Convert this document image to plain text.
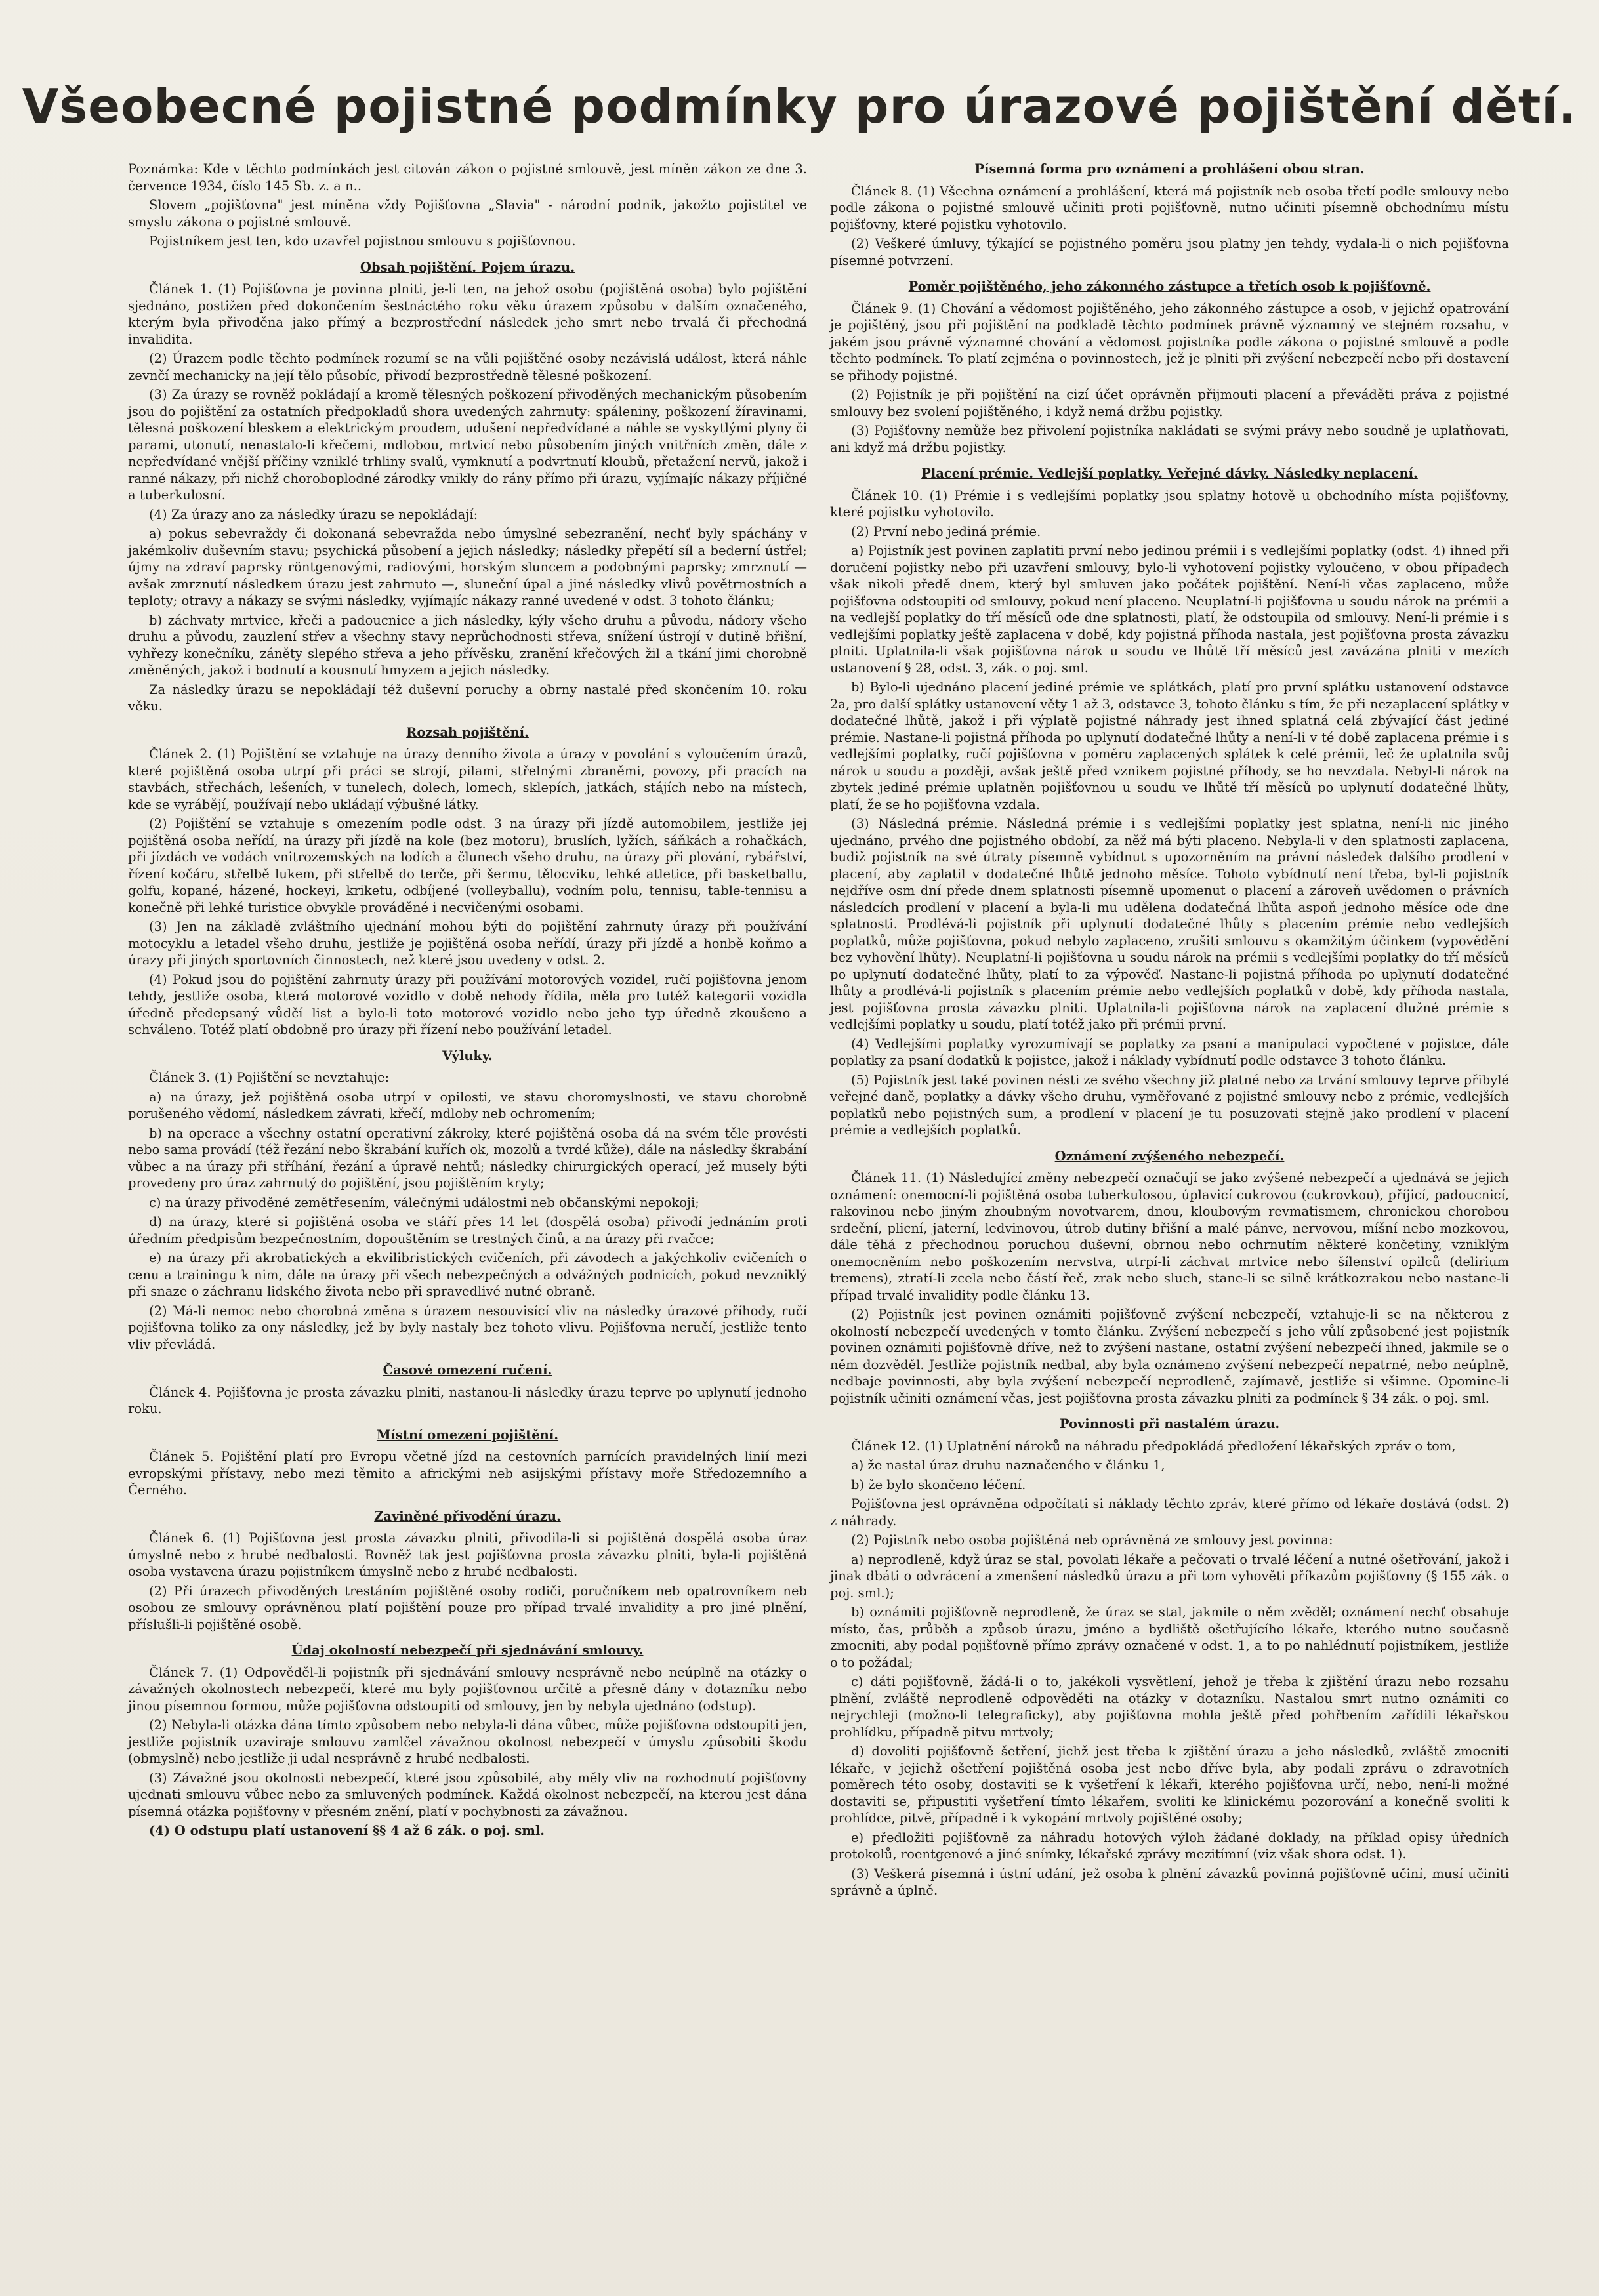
Všeobecné pojistné podmínky pro úrazové pojištění dětí.

Poznámka: Kde v těchto podmínkách jest citován zákon o pojistné smlouvě, jest míněn zákon ze dne 3. července 1934, číslo 145 Sb. z. a n..

Slovem „pojišťovna" jest míněna vždy Pojišťovna „Slavia" - národní podnik, jakožto pojistitel ve smyslu zákona o pojistné smlouvě.

Pojistníkem jest ten, kdo uzavřel pojistnou smlouvu s pojišťovnou.

Obsah pojištění. Pojem úrazu.

Článek 1. (1) Pojišťovna je povinna plniti, je-li ten, na jehož osobu (pojištěná osoba) bylo pojištění sjednáno, postižen před dokončením šestnáctého roku věku úrazem způsobu v dalším označeného, kterým byla přivoděna jako přímý a bezprostřední následek jeho smrt nebo trvalá či přechodná invalidita.

(2) Úrazem podle těchto podmínek rozumí se na vůli pojištěné osoby nezávislá událost, která náhle zevnčí mechanicky na její tělo působíc, přivodí bezprostředně tělesné poškození.

(3) Za úrazy se rovněž pokládají a kromě tělesných poškození přivoděných mechanickým působením jsou do pojištění za ostatních předpokladů shora uvedených zahrnuty: spáleniny, poškození žíravinami, tělesná poškození bleskem a elektrickým proudem, udušení nepředvídané a náhle se vyskytlými plyny či parami, utonutí, nenastalo-li křečemi, mdlobou, mrtvicí nebo působením jiných vnitřních změn, dále z nepředvídané vnější příčiny vzniklé trhliny svalů, vymknutí a podvrtnutí kloubů, přetažení nervů, jakož i ranné nákazy, při nichž choroboplodné zárodky vnikly do rány přímo při úrazu, vyjímajíc nákazy příjičné a tuberkulosní.

(4) Za úrazy ano za následky úrazu se nepokládají:

a) pokus sebevraždy či dokonaná sebevražda nebo úmyslné sebezranění, nechť byly spáchány v jakémkoliv duševním stavu; psychická působení a jejich následky; následky přepětí síl a bederní ústřel; újmy na zdraví paprsky röntgenovými, radiovými, horským sluncem a podobnými paprsky; zmrznutí — avšak zmrznutí následkem úrazu jest zahrnuto —, sluneční úpal a jiné následky vlivů povětrnostních a teploty; otravy a nákazy se svými následky, vyjímajíc nákazy ranné uvedené v odst. 3 tohoto článku;

b) záchvaty mrtvice, křeči a padoucnice a jich následky, kýly všeho druhu a původu, nádory všeho druhu a původu, zauzlení střev a všechny stavy neprůchodnosti střeva, snížení ústrojí v dutině břišní, vyhřezy konečníku, záněty slepého střeva a jeho přívěsku, zranění křečových žil a tkání jimi chorobně změněných, jakož i bodnutí a kousnutí hmyzem a jejich následky.

Za následky úrazu se nepokládají též duševní poruchy a obrny nastalé před skončením 10. roku věku.

Rozsah pojištění.

Článek 2. (1) Pojištění se vztahuje na úrazy denního života a úrazy v povolání s vyloučením úrazů, které pojištěná osoba utrpí při práci se strojí, pilami, střelnými zbraněmi, povozy, při pracích na stavbách, střechách, lešeních, v tunelech, dolech, lomech, sklepích, jatkách, stájích nebo na místech, kde se vyrábějí, používají nebo ukládají výbušné látky.

(2) Pojištění se vztahuje s omezením podle odst. 3 na úrazy při jízdě automobilem, jestliže jej pojištěná osoba neřídí, na úrazy při jízdě na kole (bez motoru), bruslích, lyžích, sáňkách a rohačkách, při jízdách ve vodách vnitrozemských na lodích a člunech všeho druhu, na úrazy při plování, rybářství, řízení kočáru, střelbě lukem, při střelbě do terče, při šermu, tělocviku, lehké atletice, při basketballu, golfu, kopané, házené, hockeyi, kriketu, odbíjené (volleyballu), vodním polu, tennisu, table-tennisu a konečně při lehké turistice obvykle prováděné i necvičenými osobami.

(3) Jen na základě zvláštního ujednání mohou býti do pojištění zahrnuty úrazy při používání motocyklu a letadel všeho druhu, jestliže je pojištěná osoba neřídí, úrazy při jízdě a honbě koňmo a úrazy při jiných sportovních činnostech, než které jsou uvedeny v odst. 2.

(4) Pokud jsou do pojištění zahrnuty úrazy při používání motorových vozidel, ručí pojišťovna jenom tehdy, jestliže osoba, která motorové vozidlo v době nehody řídila, měla pro tutéž kategorii vozidla úředně předepsaný vůdčí list a bylo-li toto motorové vozidlo nebo jeho typ úředně zkoušeno a schváleno. Totéž platí obdobně pro úrazy při řízení nebo používání letadel.

Výluky.

Článek 3. (1) Pojištění se nevztahuje:

a) na úrazy, jež pojištěná osoba utrpí v opilosti, ve stavu choromyslnosti, ve stavu chorobně porušeného vědomí, následkem závrati, křečí, mdloby neb ochromením;

b) na operace a všechny ostatní operativní zákroky, které pojištěná osoba dá na svém těle provésti nebo sama provádí (též řezání nebo škrabání kuřích ok, mozolů a tvrdé kůže), dále na následky škrabání vůbec a na úrazy při stříhání, řezání a úpravě nehtů; následky chirurgických operací, jež musely býti provedeny pro úraz zahrnutý do pojištění, jsou pojištěním kryty;

c) na úrazy přivoděné zemětřesením, válečnými událostmi neb občanskými nepokoji;

d) na úrazy, které si pojištěná osoba ve stáří přes 14 let (dospělá osoba) přivodí jednáním proti úředním předpisům bezpečnostním, dopouštěním se trestných činů, a na úrazy při rvačce;

e) na úrazy při akrobatických a ekvilibristických cvičeních, při závodech a jakýchkoliv cvičeních o cenu a trainingu k nim, dále na úrazy při všech nebezpečných a odvážných podnicích, pokud nevzniklý při snaze o záchranu lidského života nebo při spravedlivé nutné obraně.

(2) Má-li nemoc nebo chorobná změna s úrazem nesouvisící vliv na následky úrazové příhody, ručí pojišťovna toliko za ony následky, jež by byly nastaly bez tohoto vlivu. Pojišťovna neručí, jestliže tento vliv převládá.

Časové omezení ručení.

Článek 4. Pojišťovna je prosta závazku plniti, nastanou-li následky úrazu teprve po uplynutí jednoho roku.

Místní omezení pojištění.

Článek 5. Pojištění platí pro Evropu včetně jízd na cestovních parnících pravidelných linií mezi evropskými přístavy, nebo mezi těmito a africkými neb asijskými přístavy moře Středozemního a Černého.

Zaviněné přivodění úrazu.

Článek 6. (1) Pojišťovna jest prosta závazku plniti, přivodila-li si pojištěná dospělá osoba úraz úmyslně nebo z hrubé nedbalosti. Rovněž tak jest pojišťovna prosta závazku plniti, byla-li pojištěná osoba vystavena úrazu pojistníkem úmyslně nebo z hrubé nedbalosti.

(2) Při úrazech přivoděných trestáním pojištěné osoby rodiči, poručníkem neb opatrovníkem neb osobou ze smlouvy oprávněnou platí pojištění pouze pro případ trvalé invalidity a pro jiné plnění, příslušli-li pojištěné osobě.

Údaj okolností nebezpečí při sjednávání smlouvy.

Článek 7. (1) Odpověděl-li pojistník při sjednávání smlouvy nesprávně nebo neúplně na otázky o závažných okolnostech nebezpečí, které mu byly pojišťovnou určitě a přesně dány v dotazníku nebo jinou písemnou formou, může pojišťovna odstoupiti od smlouvy, jen by nebyla ujednáno (odstup).

(2) Nebyla-li otázka dána tímto způsobem nebo nebyla-li dána vůbec, může pojišťovna odstoupiti jen, jestliže pojistník uzaviraje smlouvu zamlčel závažnou okolnost nebezpečí v úmyslu způsobiti škodu (obmyslně) nebo jestliže ji udal nesprávně z hrubé nedbalosti.

(3) Závažné jsou okolnosti nebezpečí, které jsou způsobilé, aby měly vliv na rozhodnutí pojišťovny ujednati smlouvu vůbec nebo za smluvených podmínek. Každá okolnost nebezpečí, na kterou jest dána písemná otázka pojišťovny v přesném znění, platí v pochybnosti za závažnou.

(4) O odstupu platí ustanovení §§ 4 až 6 zák. o poj. sml.

Písemná forma pro oznámení a prohlášení obou stran.

Článek 8. (1) Všechna oznámení a prohlášení, která má pojistník neb osoba třetí podle smlouvy nebo podle zákona o pojistné smlouvě učiniti proti pojišťovně, nutno učiniti písemně obchodnímu místu pojišťovny, které pojistku vyhotovilo.

(2) Veškeré úmluvy, týkající se pojistného poměru jsou platny jen tehdy, vydala-li o nich pojišťovna písemné potvrzení.

Poměr pojištěného, jeho zákonného zástupce a třetích osob k pojišťovně.

Článek 9. (1) Chování a vědomost pojištěného, jeho zákonného zástupce a osob, v jejichž opatrování je pojištěný, jsou při pojištění na podkladě těchto podmínek právně významný ve stejném rozsahu, v jakém jsou právně významné chování a vědomost pojistníka podle zákona o pojistné smlouvě a podle těchto podmínek. To platí zejména o povinnostech, jež je plniti při zvýšení nebezpečí nebo při dostavení se přihody pojistné.

(2) Pojistník je při pojištění na cizí účet oprávněn přijmouti placení a převáděti práva z pojistné smlouvy bez svolení pojištěného, i když nemá držbu pojistky.

(3) Pojišťovny nemůže bez přivolení pojistníka nakládati se svými právy nebo soudně je uplatňovati, ani když má držbu pojistky.

Placení prémie. Vedlejší poplatky. Veřejné dávky. Následky neplacení.

Článek 10. (1) Prémie i s vedlejšími poplatky jsou splatny hotově u obchodního místa pojišťovny, které pojistku vyhotovilo.

(2) První nebo jediná prémie.

a) Pojistník jest povinen zaplatiti první nebo jedinou prémii i s vedlejšími poplatky (odst. 4) ihned při doručení pojistky nebo při uzavření smlouvy, bylo-li vyhotovení pojistky vyloučeno, v obou případech však nikoli předě dnem, který byl smluven jako počátek pojištění. Není-li včas zaplaceno, může pojišťovna odstoupiti od smlouvy, pokud není placeno. Neuplatní-li pojišťovna u soudu nárok na prémii a na vedlejší poplatky do tří měsíců ode dne splatnosti, platí, že odstoupila od smlouvy. Není-li prémie i s vedlejšími poplatky ještě zaplacena v době, kdy pojistná příhoda nastala, jest pojišťovna prosta závazku plniti. Uplatnila-li však pojišťovna nárok u soudu ve lhůtě tří měsíců jest zavázána plniti v mezích ustanovení § 28, odst. 3, zák. o poj. sml.

b) Bylo-li ujednáno placení jediné prémie ve splátkách, platí pro první splátku ustanovení odstavce 2a, pro další splátky ustanovení věty 1 až 3, odstavce 3, tohoto článku s tím, že při nezaplacení splátky v dodatečné lhůtě, jakož i při výplatě pojistné náhrady jest ihned splatná celá zbývající část jediné prémie. Nastane-li pojistná příhoda po uplynutí dodatečné lhůty a není-li v té době zaplacena prémie i s vedlejšími poplatky, ručí pojišťovna v poměru zaplacených splátek k celé prémii, leč že uplatnila svůj nárok u soudu a později, avšak ještě před vznikem pojistné příhody, se ho nevzdala. Nebyl-li nárok na zbytek jediné prémie uplatněn pojišťovnou u soudu ve lhůtě tří měsíců po uplynutí dodatečné lhůty, platí, že se ho pojišťovna vzdala.

(3) Následná prémie. Následná prémie i s vedlejšími poplatky jest splatna, není-li nic jiného ujednáno, prvého dne pojistného období, za něž má býti placeno. Nebyla-li v den splatnosti zaplacena, budiž pojistník na své útraty písemně vybídnut s upozorněním na právní následek dalšího prodlení v placení, aby zaplatil v dodatečné lhůtě jednoho měsíce. Tohoto vybídnutí není třeba, byl-li pojistník nejdříve osm dní přede dnem splatnosti písemně upomenut o placení a zároveň uvědomen o právních následcích prodlení v placení a byla-li mu udělena dodatečná lhůta aspoň jednoho měsíce ode dne splatnosti. Prodlévá-li pojistník při uplynutí dodatečné lhůty s placením prémie nebo vedlejších poplatků, může pojišťovna, pokud nebylo zaplaceno, zrušiti smlouvu s okamžitým účinkem (vypovědění bez vyhovění lhůty). Neuplatní-li pojišťovna u soudu nárok na prémii s vedlejšími poplatky do tří měsíců po uplynutí dodatečné lhůty, platí to za výpověď. Nastane-li pojistná příhoda po uplynutí dodatečné lhůty a prodlévá-li pojistník s placením prémie nebo vedlejších poplatků v době, kdy příhoda nastala, jest pojišťovna prosta závazku plniti. Uplatnila-li pojišťovna nárok na zaplacení dlužné prémie s vedlejšími poplatky u soudu, platí totéž jako při prémii první.

(4) Vedlejšími poplatky vyrozumívají se poplatky za psaní a manipulaci vypočtené v pojistce, dále poplatky za psaní dodatků k pojistce, jakož i náklady vybídnutí podle odstavce 3 tohoto článku.

(5) Pojistník jest také povinen nésti ze svého všechny již platné nebo za trvání smlouvy teprve přibylé veřejné daně, poplatky a dávky všeho druhu, vyměřované z pojistné smlouvy nebo z prémie, vedlejších poplatků nebo pojistných sum, a prodlení v placení je tu posuzovati stejně jako prodlení v placení prémie a vedlejších poplatků.

Oznámení zvýšeného nebezpečí.

Článek 11. (1) Následující změny nebezpečí označují se jako zvýšené nebezpečí a ujednává se jejich oznámení: onemocní-li pojištěná osoba tuberkulosou, úplavicí cukrovou (cukrovkou), příjicí, padoucnicí, rakovinou nebo jiným zhoubným novotvarem, dnou, kloubovým revmatismem, chronickou chorobou srdeční, plicní, jaterní, ledvinovou, útrob dutiny břišní a malé pánve, nervovou, míšní nebo mozkovou, dále těhá z přechodnou poruchou duševní, obrnou nebo ochrnutím některé končetiny, vzniklým onemocněním nebo poškozením nervstva, utrpí-li záchvat mrtvice nebo šílenství opilců (delirium tremens), ztratí-li zcela nebo částí řeč, zrak nebo sluch, stane-li se silně krátkozrakou nebo nastane-li případ trvalé invalidity podle článku 13.

(2) Pojistník jest povinen oznámiti pojišťovně zvýšení nebezpečí, vztahuje-li se na některou z okolností nebezpečí uvedených v tomto článku. Zvýšení nebezpečí s jeho vůlí způsobené jest pojistník povinen oznámiti pojišťovně dříve, než to zvýšení nastane, ostatní zvýšení nebezpečí ihned, jakmile se o něm dozvěděl. Jestliže pojistník nedbal, aby byla oznámeno zvýšení nebezpečí nepatrné, nebo neúplně, nedbaje povinnosti, aby byla zvýšení nebezpečí neprodleně, zajímavě, jestliže si všimne. Opomine-li pojistník učiniti oznámení včas, jest pojišťovna prosta závazku plniti za podmínek § 34 zák. o poj. sml.

Povinnosti při nastalém úrazu.

Článek 12. (1) Uplatnění nároků na náhradu předpokládá předložení lékařských zpráv o tom,

a) že nastal úraz druhu naznačeného v článku 1,

b) že bylo skončeno léčení.

Pojišťovna jest oprávněna odpočítati si náklady těchto zpráv, které přímo od lékaře dostává (odst. 2) z náhrady.

(2) Pojistník nebo osoba pojištěná neb oprávněná ze smlouvy jest povinna:

a) neprodleně, když úraz se stal, povolati lékaře a pečovati o trvalé léčení a nutné ošetřování, jakož i jinak dbáti o odvrácení a zmenšení následků úrazu a při tom vyhověti příkazům pojišťovny (§ 155 zák. o poj. sml.);

b) oznámiti pojišťovně neprodleně, že úraz se stal, jakmile o něm zvěděl; oznámení nechť obsahuje místo, čas, průběh a způsob úrazu, jméno a bydliště ošetřujícího lékaře, kterého nutno současně zmocniti, aby podal pojišťovně přímo zprávy označené v odst. 1, a to po nahlédnutí pojistníkem, jestliže o to požádal;

c) dáti pojišťovně, žádá-li o to, jakékoli vysvětlení, jehož je třeba k zjištění úrazu nebo rozsahu plnění, zvláště neprodleně odpověděti na otázky v dotazníku. Nastalou smrt nutno oznámiti co nejrychleji (možno-li telegraficky), aby pojišťovna mohla ještě před pohřbením zařídili lékařskou prohlídku, případně pitvu mrtvoly;

d) dovoliti pojišťovně šetření, jichž jest třeba k zjištění úrazu a jeho následků, zvláště zmocniti lékaře, v jejichž ošetření pojištěná osoba jest nebo dříve byla, aby podali zprávu o zdravotních poměrech této osoby, dostaviti se k vyšetření k lékaři, kterého pojišťovna určí, nebo, není-li možné dostaviti se, připustiti vyšetření tímto lékařem, svoliti ke klinickému pozorování a konečně svoliti k prohlídce, pitvě, případně i k vykopání mrtvoly pojištěné osoby;

e) předložiti pojišťovně za náhradu hotových výloh žádané doklady, na příklad opisy úředních protokolů, roentgenové a jiné snímky, lékařské zprávy mezitímní (viz však shora odst. 1).

(3) Veškerá písemná i ústní udání, jež osoba k plnění závazků povinná pojišťovně učiní, musí učiniti správně a úplně.
